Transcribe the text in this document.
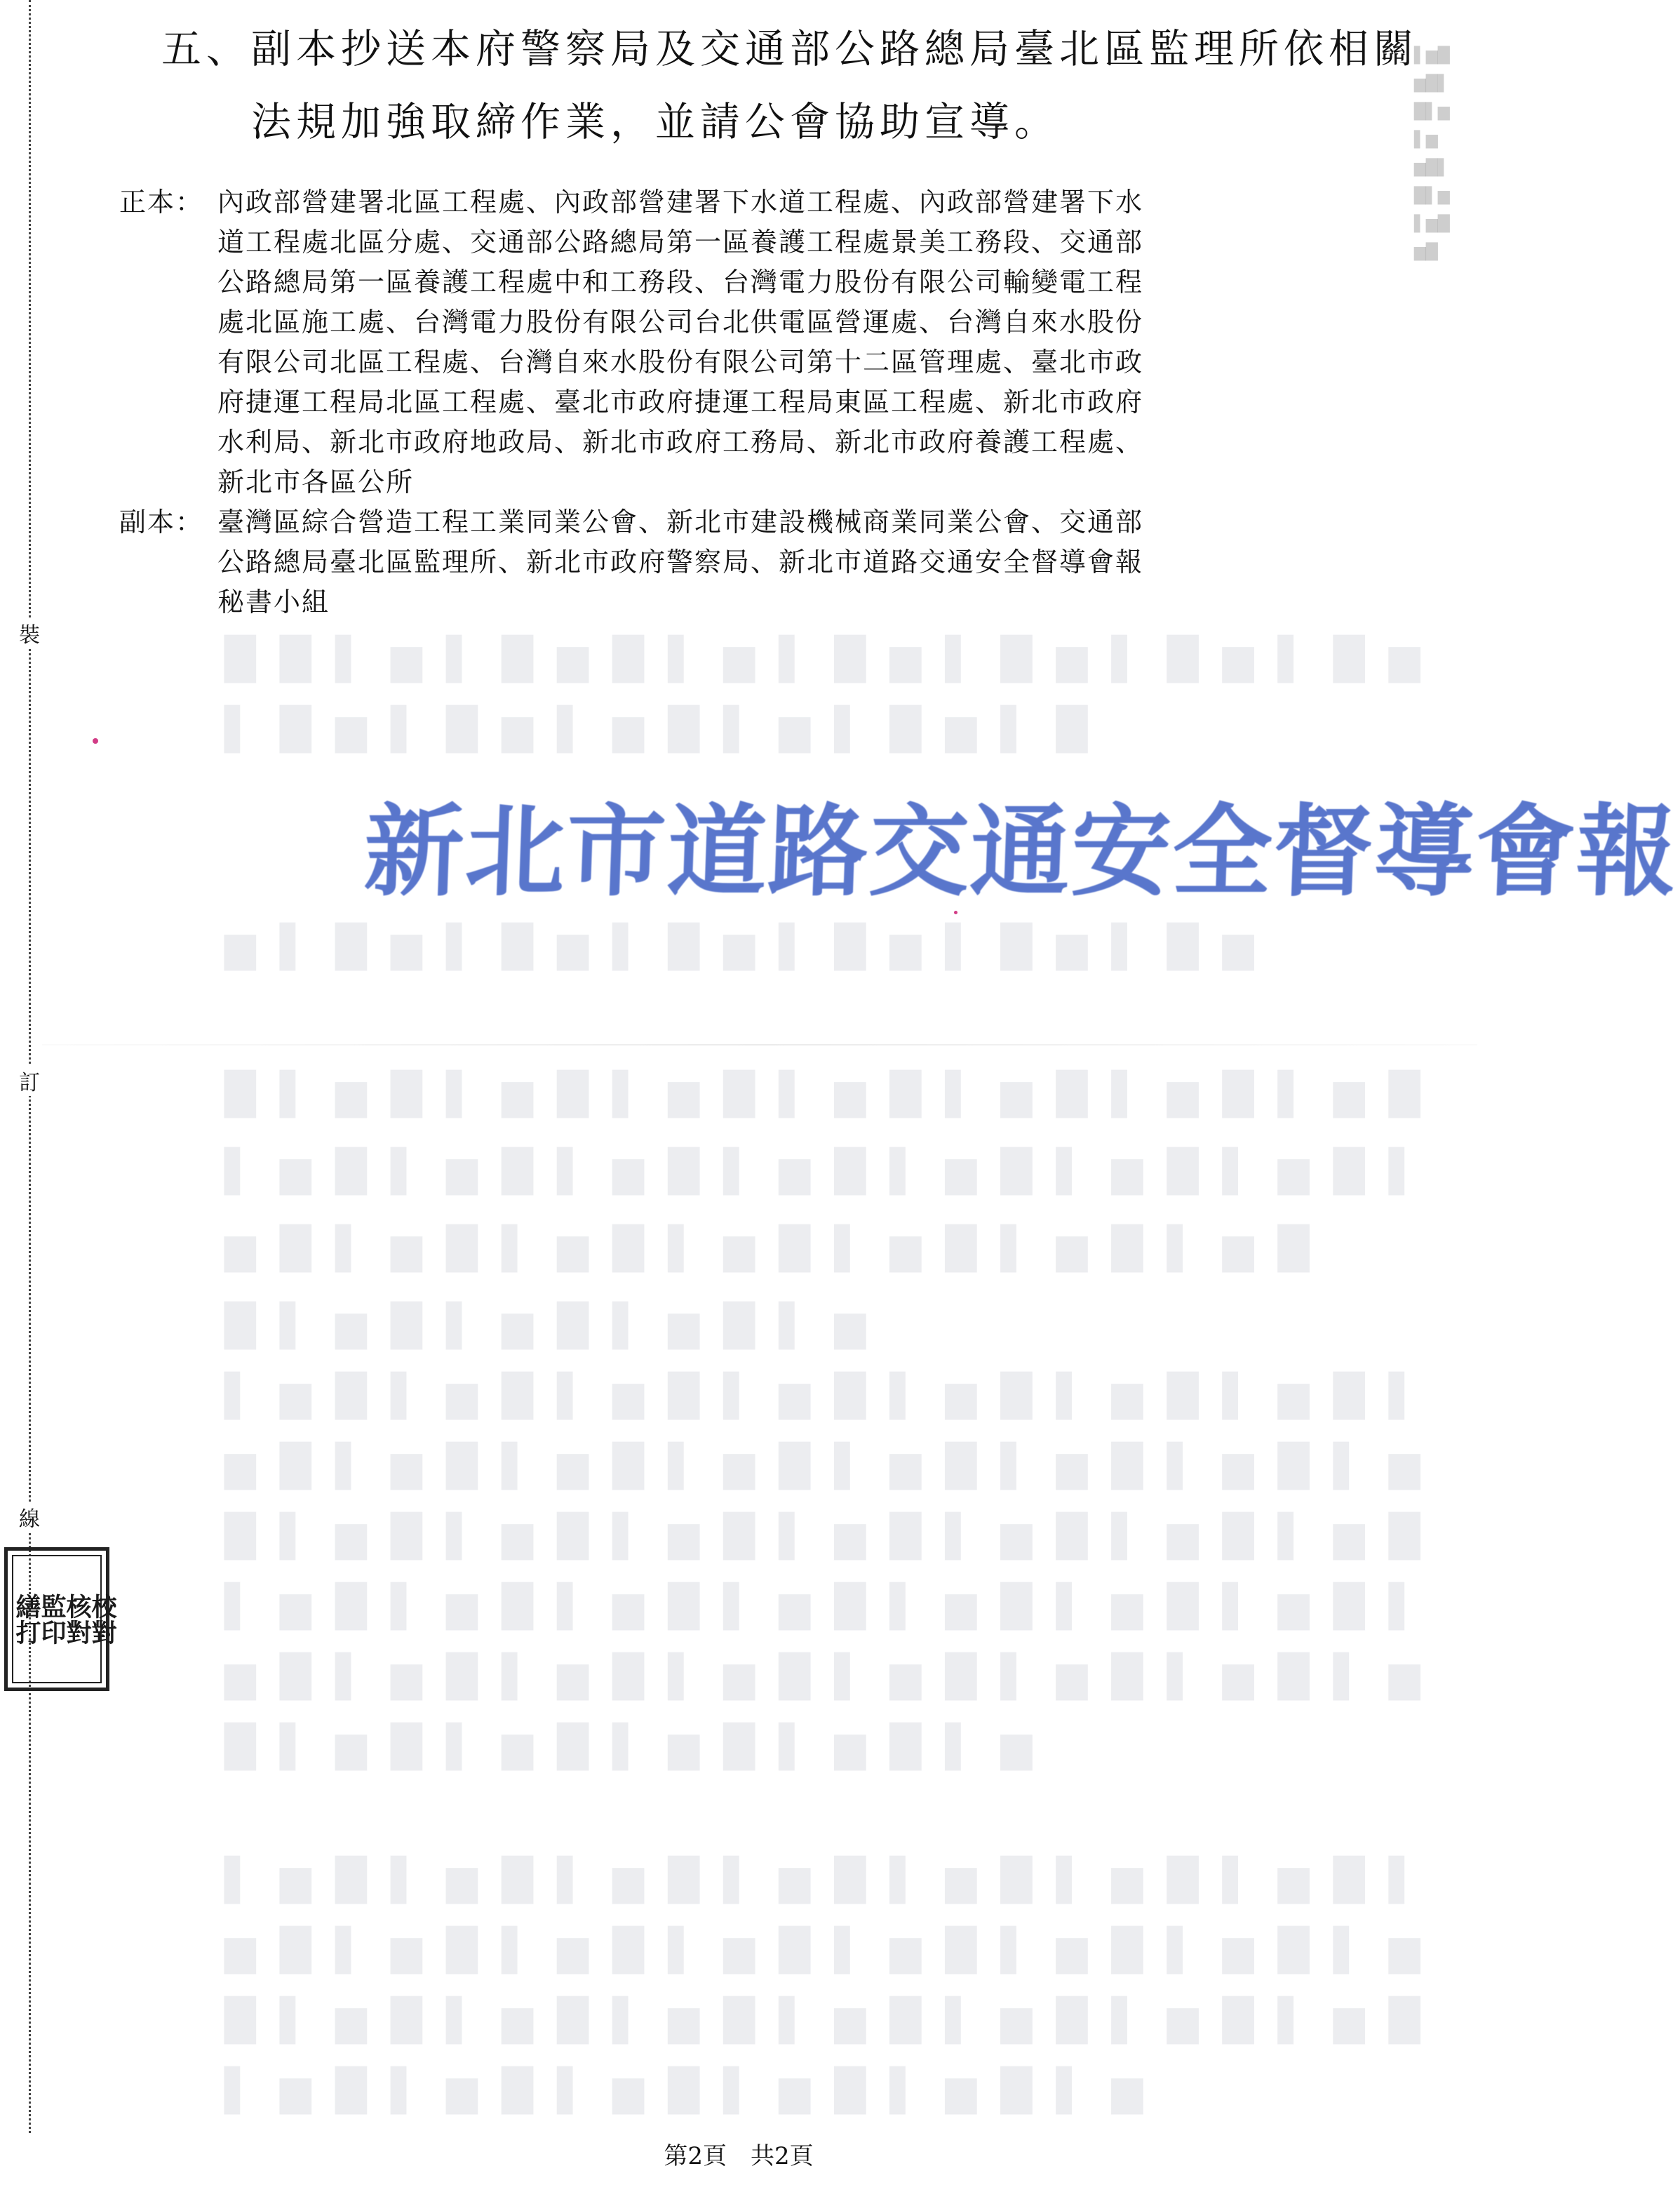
█ █ ▌ ▆ ▌ █ ▆ █ ▌ ▆ ▌ █ ▆ ▌ █ ▆ ▌ █ ▆ ▌ █ ▆
▌ █ ▆ ▌ █ ▆ ▌ ▆ █ ▌ ▆ ▌ █ ▆ ▌ █
▆ ▌ █ ▆ ▌ █ ▆ ▌ █ ▆ ▌ █ ▆ ▌ █ ▆ ▌ █ ▆
█ ▌ ▆ █ ▌ ▆ █ ▌ ▆ █ ▌ ▆ █ ▌ ▆ █ ▌ ▆ █ ▌ ▆ █
▌ ▆ █ ▌ ▆ █ ▌ ▆ █ ▌ ▆ █ ▌ ▆ █ ▌ ▆ █ ▌ ▆ █ ▌
▆ █ ▌ ▆ █ ▌ ▆ █ ▌ ▆ █ ▌ ▆ █ ▌ ▆ █ ▌ ▆ █
█ ▌ ▆ █ ▌ ▆ █ ▌ ▆ █ ▌ ▆
▌ ▆ █ ▌ ▆ █ ▌ ▆ █ ▌ ▆ █ ▌ ▆ █ ▌ ▆ █ ▌ ▆ █ ▌
▆ █ ▌ ▆ █ ▌ ▆ █ ▌ ▆ █ ▌ ▆ █ ▌ ▆ █ ▌ ▆ █ ▌ ▆
█ ▌ ▆ █ ▌ ▆ █ ▌ ▆ █ ▌ ▆ █ ▌ ▆ █ ▌ ▆ █ ▌ ▆ █
▌ ▆ █ ▌ ▆ █ ▌ ▆ █ ▌ ▆ █ ▌ ▆ █ ▌ ▆ █ ▌ ▆ █ ▌
▆ █ ▌ ▆ █ ▌ ▆ █ ▌ ▆ █ ▌ ▆ █ ▌ ▆ █ ▌ ▆ █ ▌ ▆
█ ▌ ▆ █ ▌ ▆ █ ▌ ▆ █ ▌ ▆ █ ▌ ▆
▌ ▆ █ ▌ ▆ █ ▌ ▆ █ ▌ ▆ █ ▌ ▆ █ ▌ ▆ █ ▌ ▆ █ ▌
▆ █ ▌ ▆ █ ▌ ▆ █ ▌ ▆ █ ▌ ▆ █ ▌ ▆ █ ▌ ▆ █ ▌ ▆
█ ▌ ▆ █ ▌ ▆ █ ▌ ▆ █ ▌ ▆ █ ▌ ▆ █ ▌ ▆ █ ▌ ▆ █
▌ ▆ █ ▌ ▆ █ ▌ ▆ █ ▌ ▆ █ ▌ ▆ █ ▌ ▆
▌▆█
▆█▌
█▌▆
▌▆
▆█▌
█▌▆
▌▆█
▆█
裝
訂
線
五、副本抄送本府警察局及交通部公路總局臺北區監理所依相關
法規加強取締作業，並請公會協助宣導。
正本： 內政部營建署北區工程處、內政部營建署下水道工程處、內政部營建署下水
道工程處北區分處、交通部公路總局第一區養護工程處景美工務段、交通部
公路總局第一區養護工程處中和工務段、台灣電力股份有限公司輸變電工程
處北區施工處、台灣電力股份有限公司台北供電區營運處、台灣自來水股份
有限公司北區工程處、台灣自來水股份有限公司第十二區管理處、臺北市政
府捷運工程局北區工程處、臺北市政府捷運工程局東區工程處、新北市政府
水利局、新北市政府地政局、新北市政府工務局、新北市政府養護工程處、
新北市各區公所
副本： 臺灣區綜合營造工程工業同業公會、新北市建設機械商業同業公會、交通部
公路總局臺北區監理所、新北市政府警察局、新北市道路交通安全督導會報
秘書小組
新北市道路交通安全督導會報
校對
核對
監印
繕打
第2頁　共2頁
